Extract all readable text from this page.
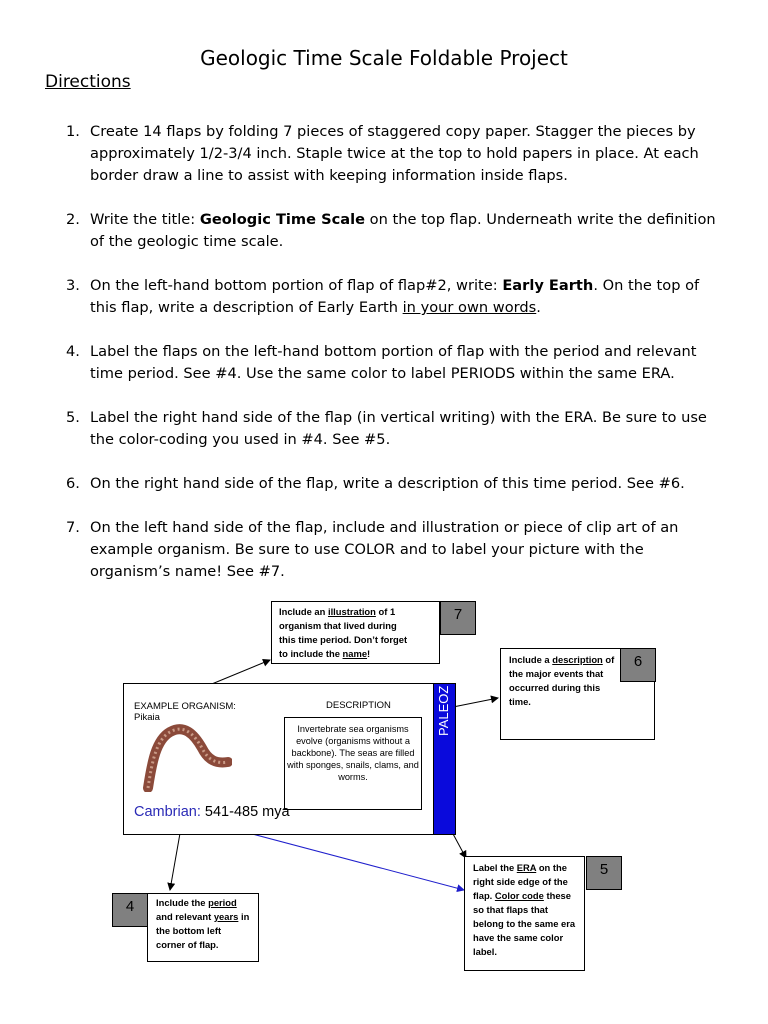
Geologic Time Scale Foldable Project
Directions
1. Create 14 flaps by folding 7 pieces of staggered copy paper. Stagger the pieces by approximately 1/2-3/4 inch. Staple twice at the top to hold papers in place. At each border draw a line to assist with keeping information inside flaps.
2. Write the title: Geologic Time Scale on the top flap. Underneath write the definition of the geologic time scale.
3. On the left-hand bottom portion of flap of flap#2, write: Early Earth. On the top of this flap, write a description of Early Earth in your own words.
4. Label the flaps on the left-hand bottom portion of flap with the period and relevant time period. See #4. Use the same color to label PERIODS within the same ERA.
5. Label the right hand side of the flap (in vertical writing) with the ERA. Be sure to use the color-coding you used in #4. See #5.
6. On the right hand side of the flap, write a description of this time period. See #6.
7. On the left hand side of the flap, include and illustration or piece of clip art of an example organism. Be sure to use COLOR and to label your picture with the organism’s name! See #7.
EXAMPLE ORGANISM:
Pikaia
DESCRIPTION
Invertebrate sea organisms evolve (organisms without a backbone). The seas are filled with sponges, snails, clams, and worms.
Cambrian: 541-485 mya
PALEOZ
Include an illustration of 1 organism that lived during this time period. Don’t forget to include the name!
7
Include a description of the major events that occurred during this time.
6
Label the ERA on the right side edge of the flap. Color code these so that flaps that belong to the same era have the same color label.
5
4	Include the period and relevant years in the bottom left corner of flap.
